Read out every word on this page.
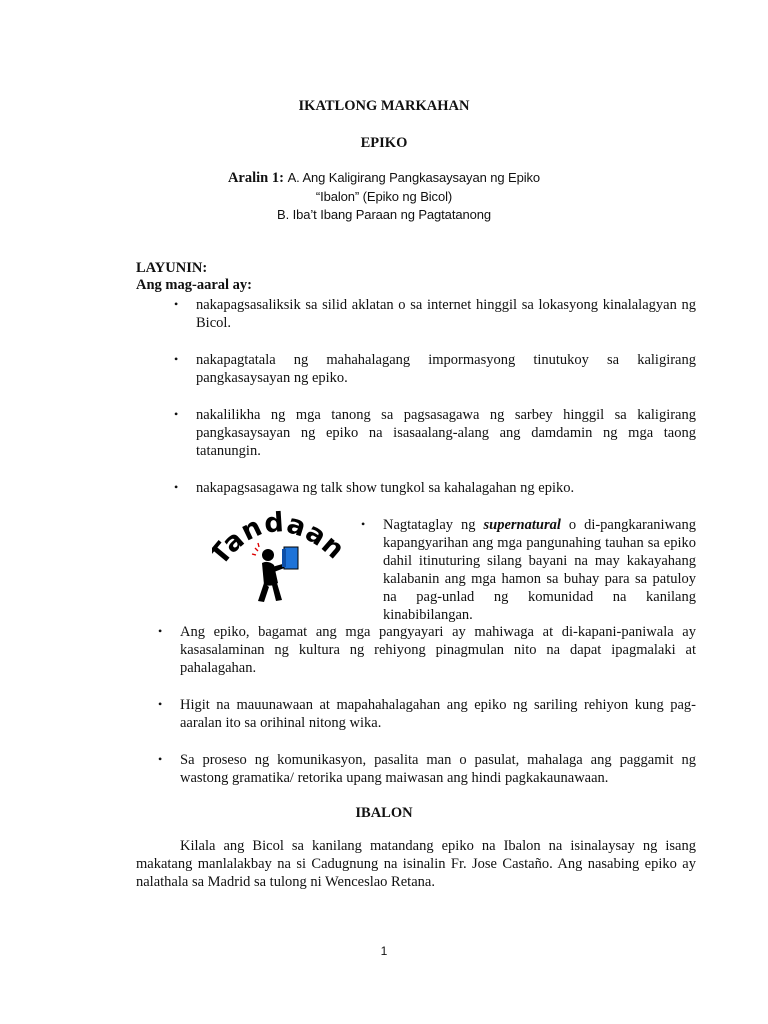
IKATLONG MARKAHAN
EPIKO
Aralin 1: A. Ang Kaligirang Pangkasaysayan ng Epiko
“Ibalon” (Epiko ng Bicol)
B. Iba’t Ibang Paraan ng Pagtatanong
LAYUNIN:
Ang mag-aaral ay:
• nakapagsasaliksik sa silid aklatan o sa internet hinggil sa lokasyong kinalalagyan ng Bicol.
• nakapagtatala ng mahahalagang impormasyong tinutukoy sa kaligirang pangkasaysayan ng epiko.
• nakalilikha ng mga tanong sa pagsasagawa ng sarbey hinggil sa kaligirang pangkasaysayan ng epiko na isasaalang-alang ang damdamin ng mga taong tatanungin.
• nakapagsasagawa ng talk show tungkol sa kahalagahan ng epiko.
andaa	• Nagtataglay ng supernatural o di-pangkaraniwang kapangyarihan ang mga pangunahing tauhan sa epiko dahil itinuturing silang bayani na may kakayahang kalabanin ang mga hamon sa buhay para sa patuloy na pag-unlad ng komunidad na kanilang kinabibilangan.
• Ang epiko, bagamat ang mga pangyayari ay mahiwaga at di-kapani-paniwala ay kasasalaminan ng kultura ng rehiyong pinagmulan nito na dapat ipagmalaki at pahalagahan.
• Higit na mauunawaan at mapahahalagahan ang epiko ng sariling rehiyon kung pag-aaralan ito sa orihinal nitong wika.
• Sa proseso ng komunikasyon, pasalita man o pasulat, mahalaga ang paggamit ng wastong gramatika/ retorika upang maiwasan ang hindi pagkakaunawaan.
IBALON
Kilala ang Bicol sa kanilang matandang epiko na Ibalon na isinalaysay ng isang makatang manlalakbay na si Cadugnung na isinalin Fr. Jose Castaño. Ang nasabing epiko ay nalathala sa Madrid sa tulong ni Wenceslao Retana.
1
